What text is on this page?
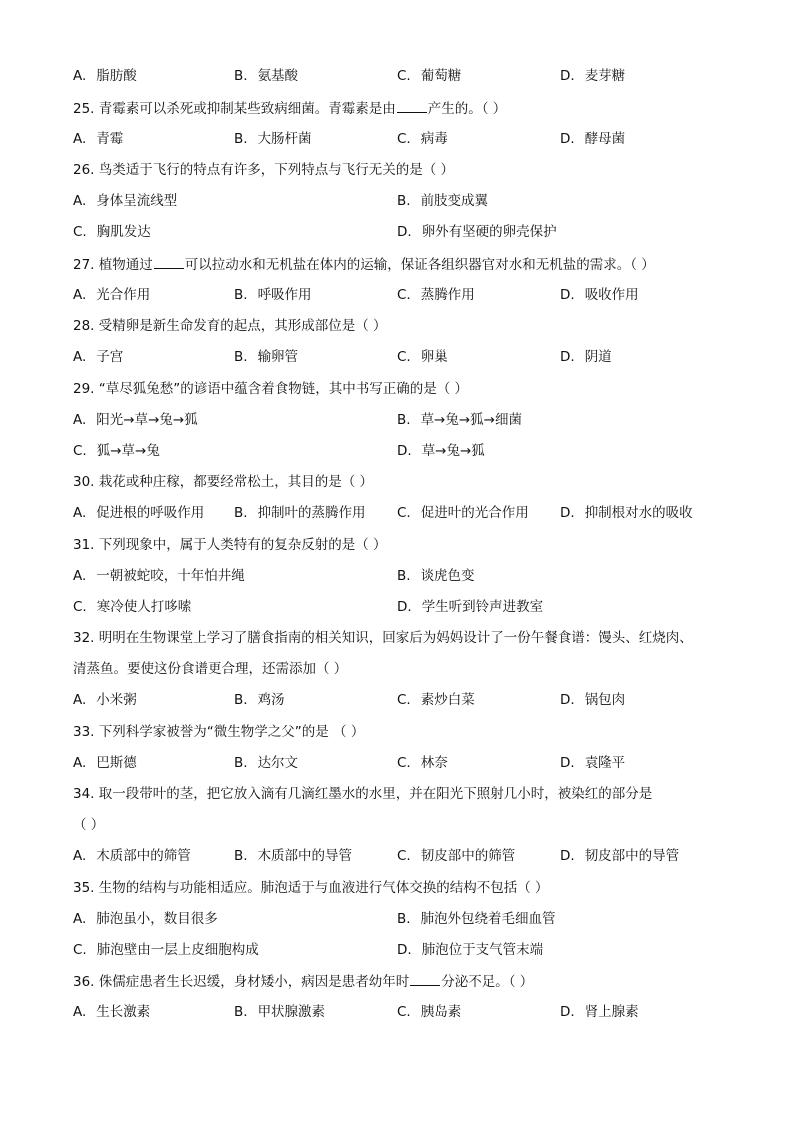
A. 脂肪酸	B. 氨基酸	C. 葡萄糖	D. 麦芽糖
25. 青霉素可以杀死或抑制某些致病细菌。青霉素是由 产生的。（ ）
A. 青霉	B. 大肠杆菌	C. 病毒	D. 酵母菌
26. 鸟类适于飞行的特点有许多，下列特点与飞行无关的是（ ）
A. 身体呈流线型	B. 前肢变成翼
C. 胸肌发达	D. 卵外有坚硬的卵壳保护
27. 植物通过 可以拉动水和无机盐在体内的运输，保证各组织器官对水和无机盐的需求。（ ）
A. 光合作用	B. 呼吸作用	C. 蒸腾作用	D. 吸收作用
28. 受精卵是新生命发育的起点，其形成部位是（ ）
A. 子宫	B. 输卵管	C. 卵巢	D. 阴道
29. “草尽狐兔愁”的谚语中蕴含着食物链，其中书写正确的是（ ）
A. 阳光→草→兔→狐	B. 草→兔→狐→细菌
C. 狐→草→兔	D. 草→兔→狐
30. 栽花或种庄稼，都要经常松土，其目的是（ ）
A. 促进根的呼吸作用 B. 抑制叶的蒸腾作用 C. 促进叶的光合作用 D. 抑制根对水的吸收
31. 下列现象中，属于人类特有的复杂反射的是（ ）
A. 一朝被蛇咬，十年怕井绳	B. 谈虎色变
C. 寒冷使人打哆嗦	D. 学生听到铃声进教室
32. 明明在生物课堂上学习了膳食指南的相关知识，回家后为妈妈设计了一份午餐食谱：馒头、红烧肉、
清蒸鱼。要使这份食谱更合理，还需添加（ ）
A. 小米粥	B. 鸡汤	C. 素炒白菜	D. 锅包肉
33. 下列科学家被誉为“微生物学之父”的是 （ ）
A. 巴斯德	B. 达尔文	C. 林奈	D. 袁隆平
34. 取一段带叶的茎，把它放入滴有几滴红墨水的水里，并在阳光下照射几小时，被染红的部分是
（ ）
A. 木质部中的筛管	B. 木质部中的导管	C. 韧皮部中的筛管	D. 韧皮部中的导管
35. 生物的结构与功能相适应。肺泡适于与血液进行气体交换的结构不包括（ ）
A. 肺泡虽小，数目很多	B. 肺泡外包绕着毛细血管
C. 肺泡壁由一层上皮细胞构成	D. 肺泡位于支气管末端
36. 侏儒症患者生长迟缓，身材矮小，病因是患者幼年时 分泌不足。（ ）
A. 生长激素	B. 甲状腺激素	C. 胰岛素	D. 肾上腺素
